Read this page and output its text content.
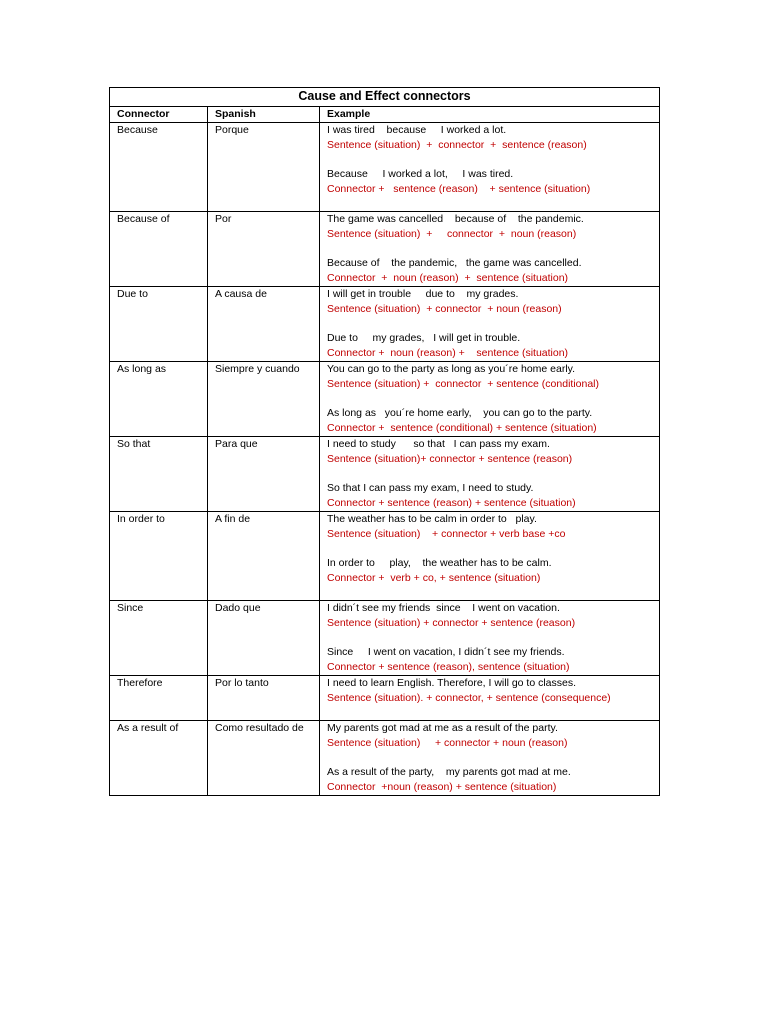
Cause and Effect connectors		
Connector	Spanish	Example
Because	Porque	I was tired    because     I worked a lot.
Sentence (situation)  +  connector  +  sentence (reason)
Because     I worked a lot,     I was tired.
Connector +   sentence (reason)    + sentence (situation)

Because of	Por	The game was cancelled    because of    the pandemic.
Sentence (situation)  +     connector  +  noun (reason)
Because of    the pandemic,   the game was cancelled.
Connector  +  noun (reason)  +  sentence (situation)

Due to	A causa de	I will get in trouble     due to    my grades.
Sentence (situation)  + connector  + noun (reason)
Due to     my grades,   I will get in trouble.
Connector +  noun (reason) +    sentence (situation)

As long as	Siempre y cuando	You can go to the party as long as you´re home early.
Sentence (situation) +  connector  + sentence (conditional)
As long as   you´re home early,    you can go to the party.
Connector +  sentence (conditional) + sentence (situation)

So that	Para que	I need to study      so that   I can pass my exam.
Sentence (situation)+ connector + sentence (reason)
So that I can pass my exam, I need to study.
Connector + sentence (reason) + sentence (situation)

In order to	A fin de	The weather has to be calm in order to   play.
Sentence (situation)    + connector + verb base +co
In order to     play,    the weather has to be calm.
Connector +  verb + co, + sentence (situation)

Since	Dado que	I didn´t see my friends  since    I went on vacation.
Sentence (situation) + connector + sentence (reason)
Since     I went on vacation, I didn´t see my friends.
Connector + sentence (reason), sentence (situation)

Therefore	Por lo tanto	I need to learn English. Therefore, I will go to classes.
Sentence (situation). + connector, + sentence (consequence)

As a result of	Como resultado de	My parents got mad at me as a result of the party.
Sentence (situation)     + connector + noun (reason)
As a result of the party,    my parents got mad at me.
Connector  +noun (reason) + sentence (situation)
